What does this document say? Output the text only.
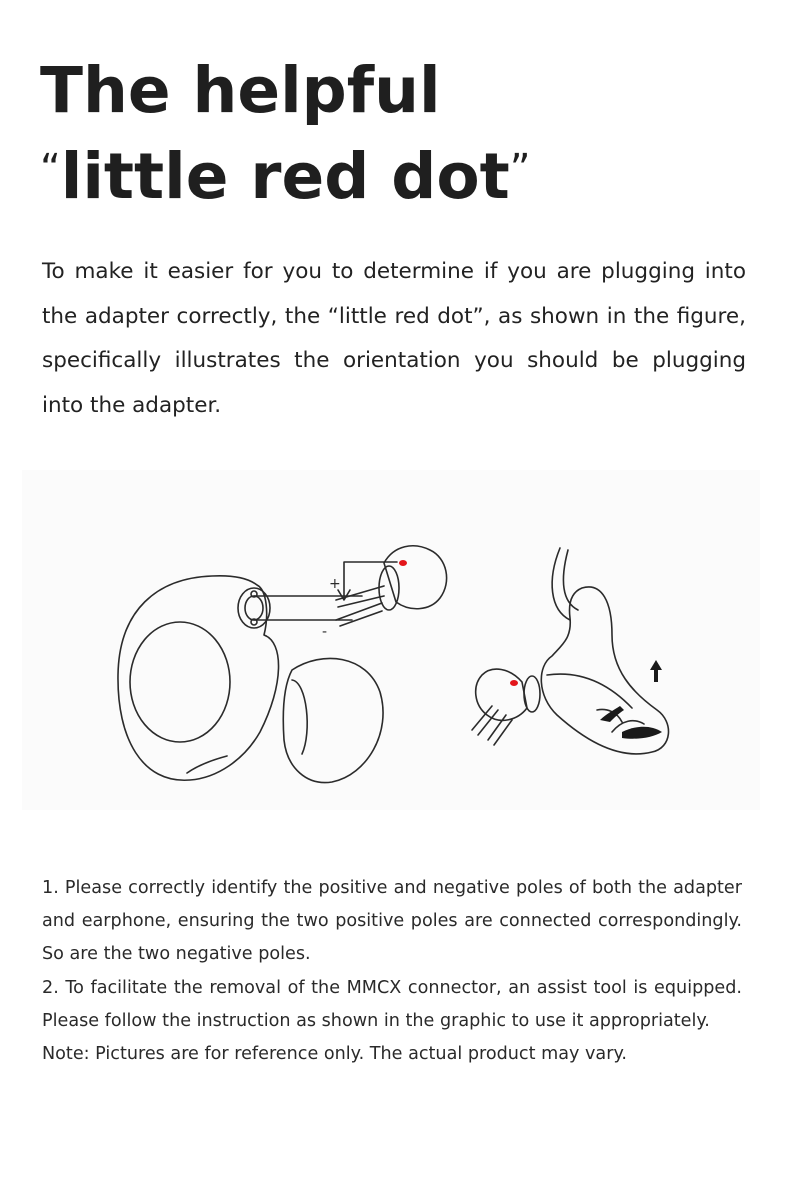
The helpful
“little red dot”

To make it easier for you to determine if you are plugging into the adapter correctly, the “little red dot”, as shown in the figure, specifically illustrates the orientation you should be plugging into the adapter.

+
-

1. Please correctly identify the positive and negative poles of both the adapter and earphone, ensuring the two positive poles are connected correspondingly. So are the two negative poles.

2. To facilitate the removal of the MMCX connector, an assist tool is equipped. Please follow the instruction as shown in the graphic to use it appropriately.

Note: Pictures are for reference only. The actual product may vary.
